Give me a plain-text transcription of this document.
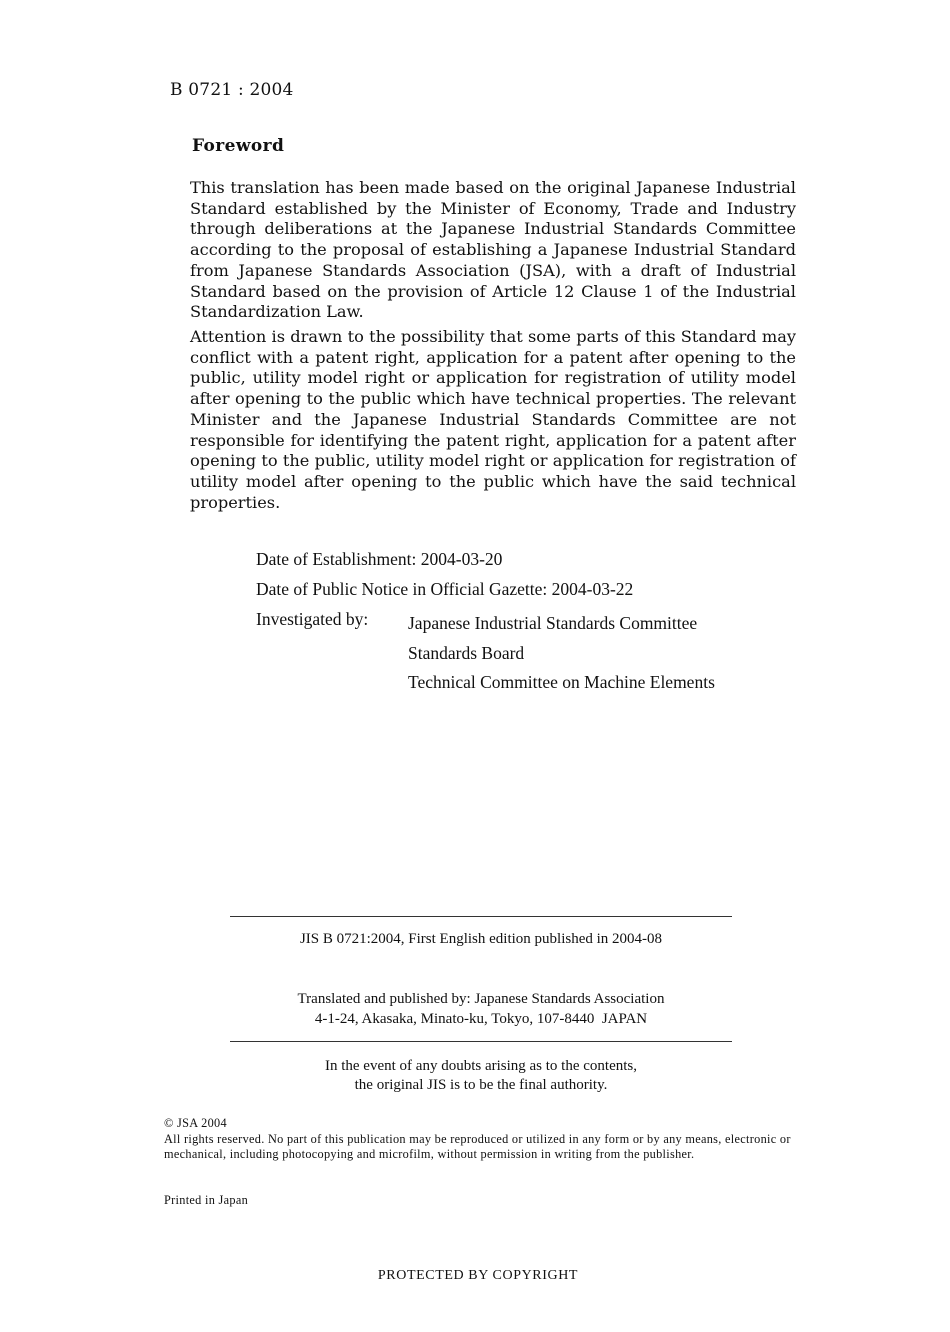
B 0721 : 2004
Foreword
This translation has been made based on the original Japanese Industrial Standard established by the Minister of Economy, Trade and Industry through deliberations at the Japanese Industrial Standards Committee according to the proposal of establishing a Japanese Industrial Standard from Japanese Standards Association (JSA), with a draft of Industrial Standard based on the provision of Article 12 Clause 1 of the Industrial Standardization Law.
Attention is drawn to the possibility that some parts of this Standard may conflict with a patent right, application for a patent after opening to the public, utility model right or application for registration of utility model after opening to the public which have technical properties. The relevant Minister and the Japanese Industrial Standards Committee are not responsible for identifying the patent right, application for a patent after opening to the public, utility model right or application for registration of utility model after opening to the public which have the said technical properties.
Date of Establishment: 2004-03-20
Date of Public Notice in Official Gazette: 2004-03-22
Investigated by: Japanese Industrial Standards Committee
Standards Board
Technical Committee on Machine Elements
JIS B 0721:2004, First English edition published in 2004-08
Translated and published by: Japanese Standards Association
4-1-24, Akasaka, Minato-ku, Tokyo, 107-8440  JAPAN
In the event of any doubts arising as to the contents,
the original JIS is to be the final authority.
© JSA 2004
All rights reserved. No part of this publication may be reproduced or utilized in any form or by any means, electronic or mechanical, including photocopying and microfilm, without permission in writing from the publisher.
Printed in Japan
PROTECTED BY COPYRIGHT
